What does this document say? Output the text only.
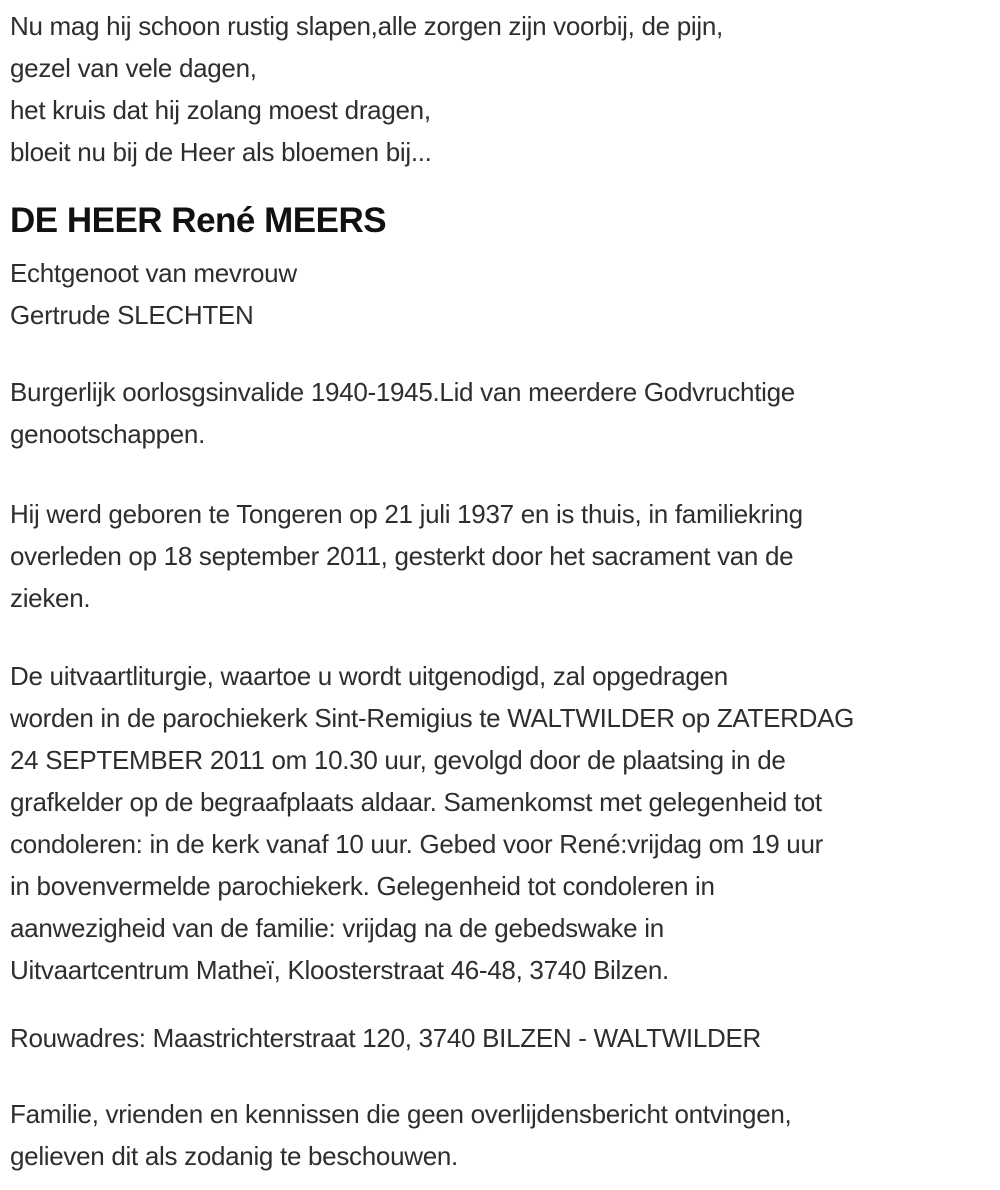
Nu mag hij schoon rustig slapen,alle zorgen zijn voorbij, de pijn,
gezel van vele dagen,
het kruis dat hij zolang moest dragen,
bloeit nu bij de Heer als bloemen bij...
DE HEER René MEERS
Echtgenoot van mevrouw
Gertrude SLECHTEN
Burgerlijk oorlosgsinvalide 1940-1945.Lid van meerdere Godvruchtige
genootschappen.
Hij werd geboren te Tongeren op 21 juli 1937 en is thuis, in familiekring
overleden op 18 september 2011, gesterkt door het sacrament van de
zieken.
De uitvaartliturgie, waartoe u wordt uitgenodigd, zal opgedragen
worden in de parochiekerk Sint-Remigius te WALTWILDER op ZATERDAG
24 SEPTEMBER 2011 om 10.30 uur, gevolgd door de plaatsing in de
grafkelder op de begraafplaats aldaar. Samenkomst met gelegenheid tot
condoleren: in de kerk vanaf 10 uur. Gebed voor René:vrijdag om 19 uur
in bovenvermelde parochiekerk. Gelegenheid tot condoleren in
aanwezigheid van de familie: vrijdag na de gebedswake in
Uitvaartcentrum Matheï, Kloosterstraat 46-48, 3740 Bilzen.
Rouwadres: Maastrichterstraat 120, 3740 BILZEN - WALTWILDER
Familie, vrienden en kennissen die geen overlijdensbericht ontvingen,
gelieven dit als zodanig te beschouwen.
